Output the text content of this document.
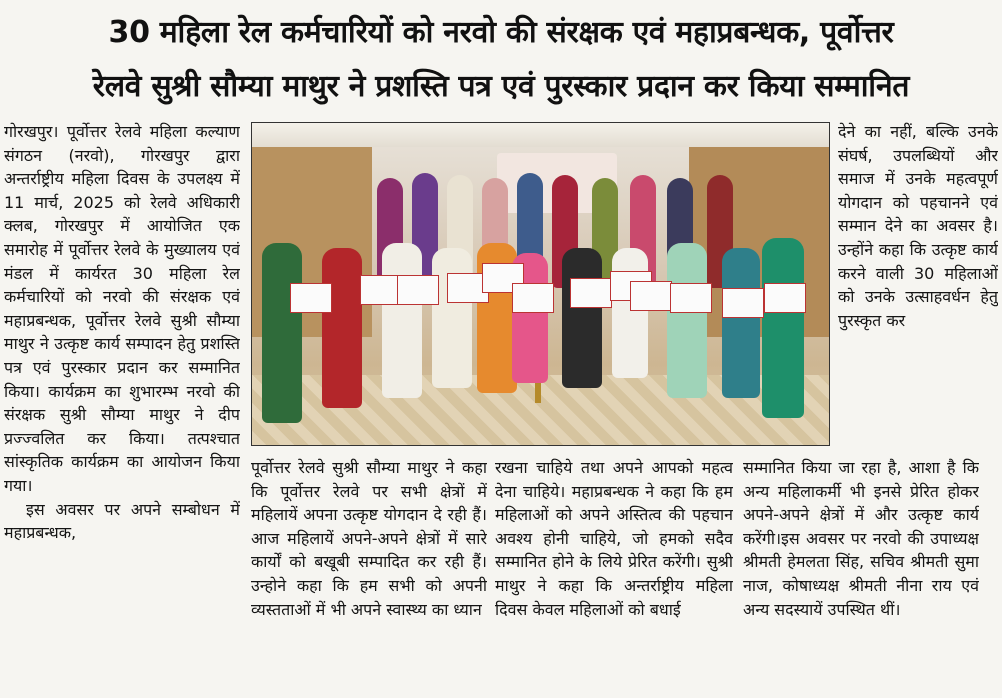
30 महिला रेल कर्मचारियों को नरवो की संरक्षक एवं महाप्रबन्धक, पूर्वोत्तर
रेलवे सुश्री सौम्या माथुर ने प्रशस्ति पत्र एवं पुरस्कार प्रदान कर किया सम्मानित

गोरखपुर। पूर्वोत्तर रेलवे महिला कल्याण संगठन (नरवो), गोरखपुर द्वारा अन्तर्राष्ट्रीय महिला दिवस के उपलक्ष्य में 11 मार्च, 2025 को रेलवे अधिकारी क्लब, गोरखपुर में आयोजित एक समारोह में पूर्वोत्तर रेलवे के मुख्यालय एवं मंडल में कार्यरत 30 महिला रेल कर्मचारियों को नरवो की संरक्षक एवं महाप्रबन्धक, पूर्वोत्तर रेलवे सुश्री सौम्या माथुर ने उत्कृष्ट कार्य सम्पादन हेतु प्रशस्ति पत्र एवं पुरस्कार प्रदान कर सम्मानित किया। कार्यक्रम का शुभारम्भ नरवो की संरक्षक सुश्री सौम्या माथुर ने दीप प्रज्ज्वलित कर किया। तत्पश्चात सांस्कृतिक कार्यक्रम का आयोजन किया गया।

इस अवसर पर अपने सम्बोधन में महाप्रबन्धक,

पूर्वोत्तर रेलवे सुश्री सौम्या माथुर ने कहा कि पूर्वोत्तर रेलवे पर सभी क्षेत्रों में महिलायें अपना उत्कृष्ट योगदान दे रही हैं। आज महिलायें अपने-अपने क्षेत्रों में सारे कार्यों को बखूबी सम्पादित कर रही हैं। उन्होने कहा कि हम सभी को अपनी व्यस्तताओं में भी अपने स्वास्थ्य का ध्यान

रखना चाहिये तथा अपने आपको महत्व देना चाहिये। महाप्रबन्धक ने कहा कि हम महिलाओं को अपने अस्तित्व की पहचान अवश्य होनी चाहिये, जो हमको सदैव सम्मानित होने के लिये प्रेरित करेंगी। सुश्री माथुर ने कहा कि अन्तर्राष्ट्रीय महिला दिवस केवल महिलाओं को बधाई

देने का नहीं, बल्कि उनके संघर्ष, उपलब्धियों और समाज में उनके महत्वपूर्ण योगदान को पहचानने एवं सम्मान देने का अवसर है। उन्होंने कहा कि उत्कृष्ट कार्य करने वाली 30 महिलाओं को उनके उत्साहवर्धन हेतु पुरस्कृत कर

सम्मानित किया जा रहा है, आशा है कि अन्य महिलाकर्मी भी इनसे प्रेरित होकर अपने-अपने क्षेत्रों में और उत्कृष्ट कार्य करेंगी।इस अवसर पर नरवो की उपाध्यक्ष श्रीमती हेमलता सिंह, सचिव श्रीमती सुमा नाज, कोषाध्यक्ष श्रीमती नीना राय एवं अन्य सदस्यायें उपस्थित थीं।
